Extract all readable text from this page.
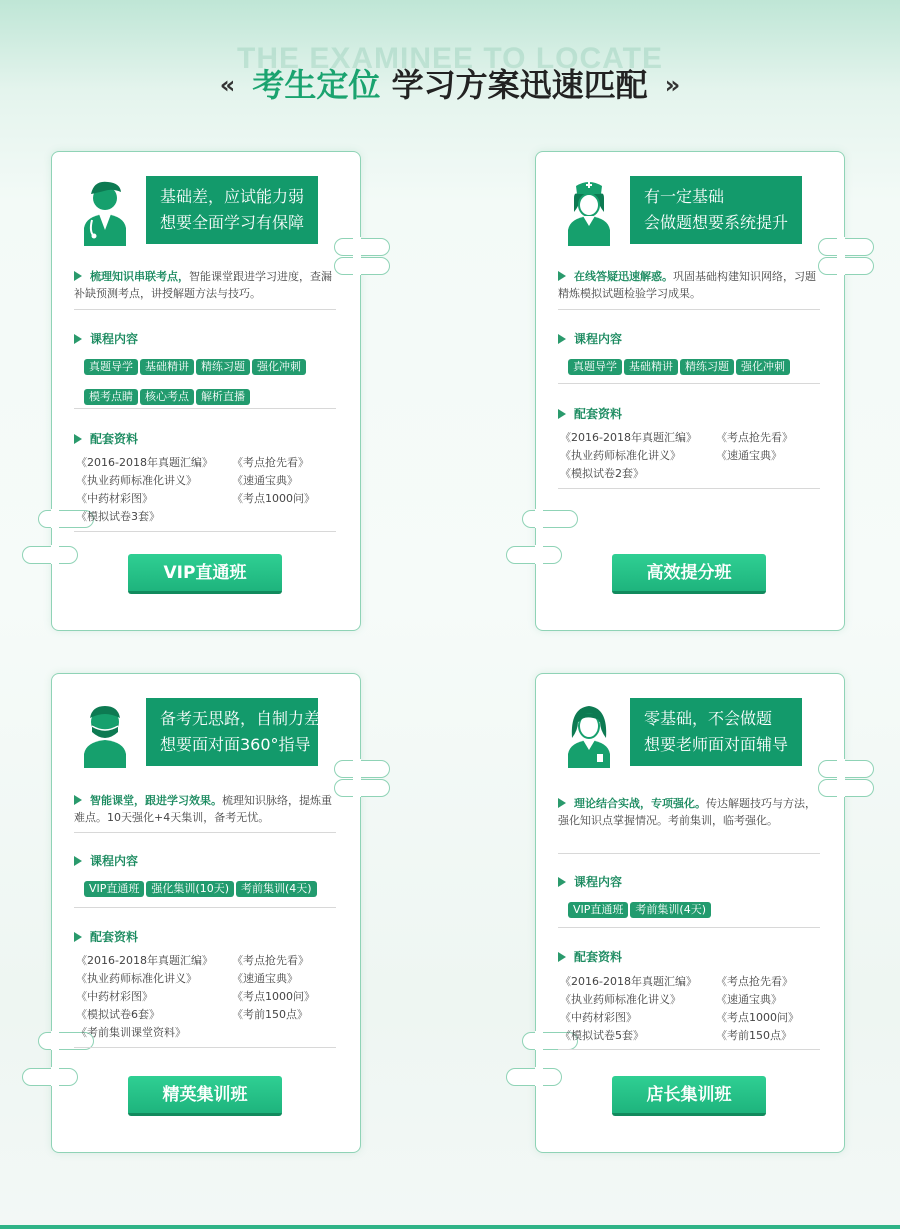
THE EXAMINEE TO LOCATE
« 考生定位 学习方案迅速匹配 »
基础差，应试能力弱
想要全面学习有保障
梳理知识串联考点，智能课堂跟进学习进度，查漏补缺预测考点，讲授解题方法与技巧。
课程内容
真题导学 基础精讲 精练习题 强化冲刺模考点睛 核心考点 解析直播
配套资料
《2016-2018年真题汇编》
《执业药师标准化讲义》
《中药材彩图》
《模拟试卷3套》
《考点抢先看》
《速通宝典》
《考点1000问》
VIP直通班
有一定基础
会做题想要系统提升
在线答疑迅速解惑。巩固基础构建知识网络，习题精炼模拟试题检验学习成果。
课程内容
真题导学 基础精讲 精练习题 强化冲刺
配套资料
《2016-2018年真题汇编》
《执业药师标准化讲义》
《模拟试卷2套》
《考点抢先看》
《速通宝典》
高效提分班
备考无思路，自制力差
想要面对面360°指导
智能课堂，跟进学习效果。梳理知识脉络，提炼重难点。10天强化+4天集训，备考无忧。
课程内容
VIP直通班 强化集训(10天) 考前集训(4天)
配套资料
《2016-2018年真题汇编》
《执业药师标准化讲义》
《中药材彩图》
《模拟试卷6套》
《考前集训课堂资料》
《考点抢先看》
《速通宝典》
《考点1000问》
《考前150点》
精英集训班
零基础，不会做题
想要老师面对面辅导
理论结合实战，专项强化。传达解题技巧与方法，强化知识点掌握情况。考前集训，临考强化。
课程内容
VIP直通班 考前集训(4天)
配套资料
《2016-2018年真题汇编》
《执业药师标准化讲义》
《中药材彩图》
《模拟试卷5套》
《考点抢先看》
《速通宝典》
《考点1000问》
《考前150点》
店长集训班
